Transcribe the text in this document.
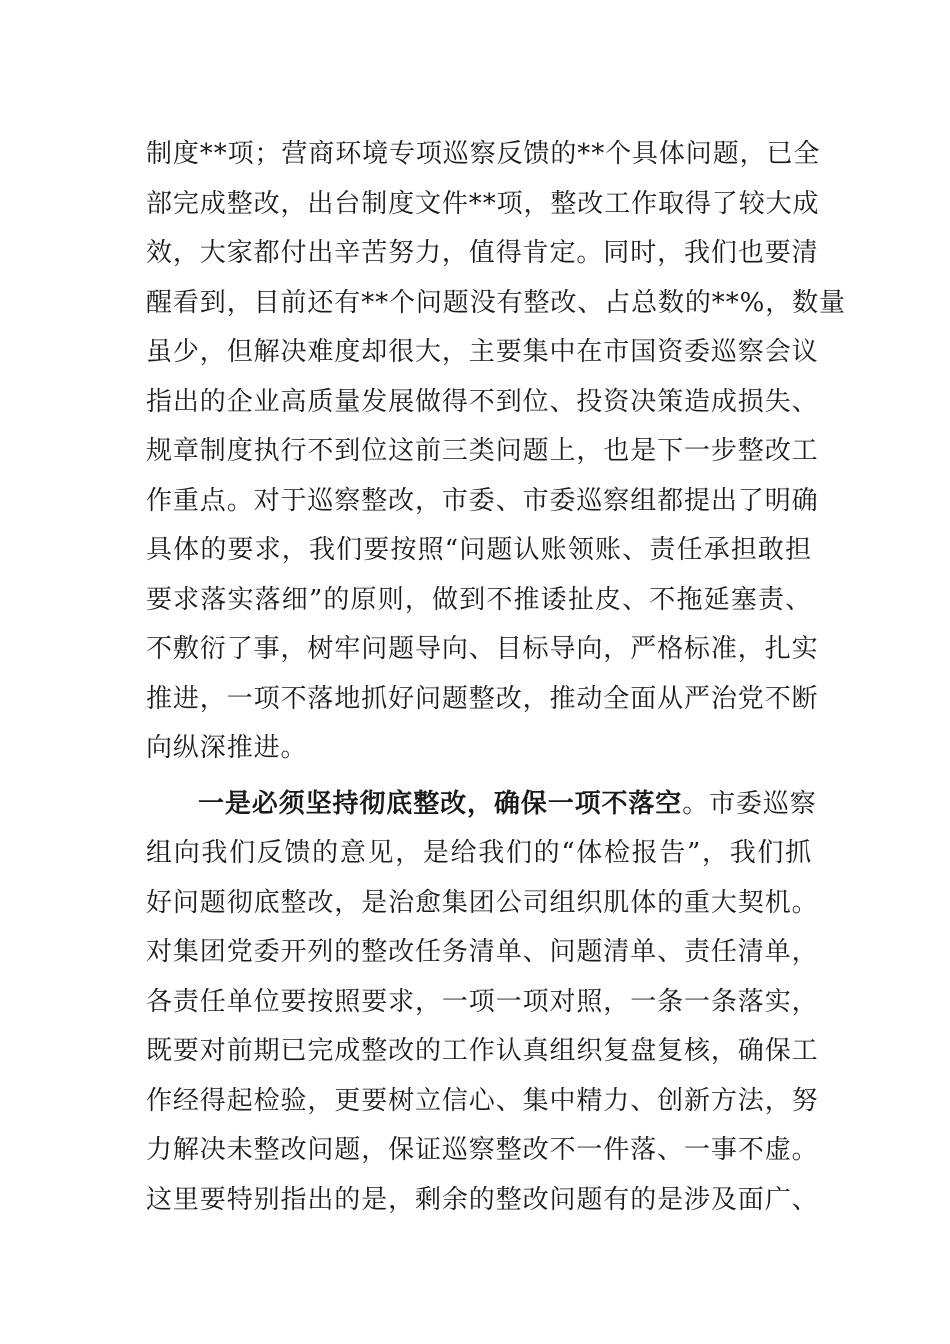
制度**项；营商环境专项巡察反馈的**个具体问题，已全
部完成整改，出台制度文件**项，整改工作取得了较大成
效，大家都付出辛苦努力，值得肯定。同时，我们也要清
醒看到，目前还有**个问题没有整改、占总数的**%，数量
虽少，但解决难度却很大，主要集中在市国资委巡察会议
指出的企业高质量发展做得不到位、投资决策造成损失、
规章制度执行不到位这前三类问题上，也是下一步整改工
作重点。对于巡察整改，市委、市委巡察组都提出了明确
具体的要求，我们要按照“问题认账领账、责任承担敢担
要求落实落细”的原则，做到不推诿扯皮、不拖延塞责、
不敷衍了事，树牢问题导向、目标导向，严格标准，扎实
推进，一项不落地抓好问题整改，推动全面从严治党不断
向纵深推进。
一是必须坚持彻底整改，确保一项不落空。市委巡察
组向我们反馈的意见，是给我们的“体检报告”，我们抓
好问题彻底整改，是治愈集团公司组织肌体的重大契机。
对集团党委开列的整改任务清单、问题清单、责任清单，
各责任单位要按照要求，一项一项对照，一条一条落实，
既要对前期已完成整改的工作认真组织复盘复核，确保工
作经得起检验，更要树立信心、集中精力、创新方法，努
力解决未整改问题，保证巡察整改不一件落、一事不虚。
这里要特别指出的是，剩余的整改问题有的是涉及面广、
